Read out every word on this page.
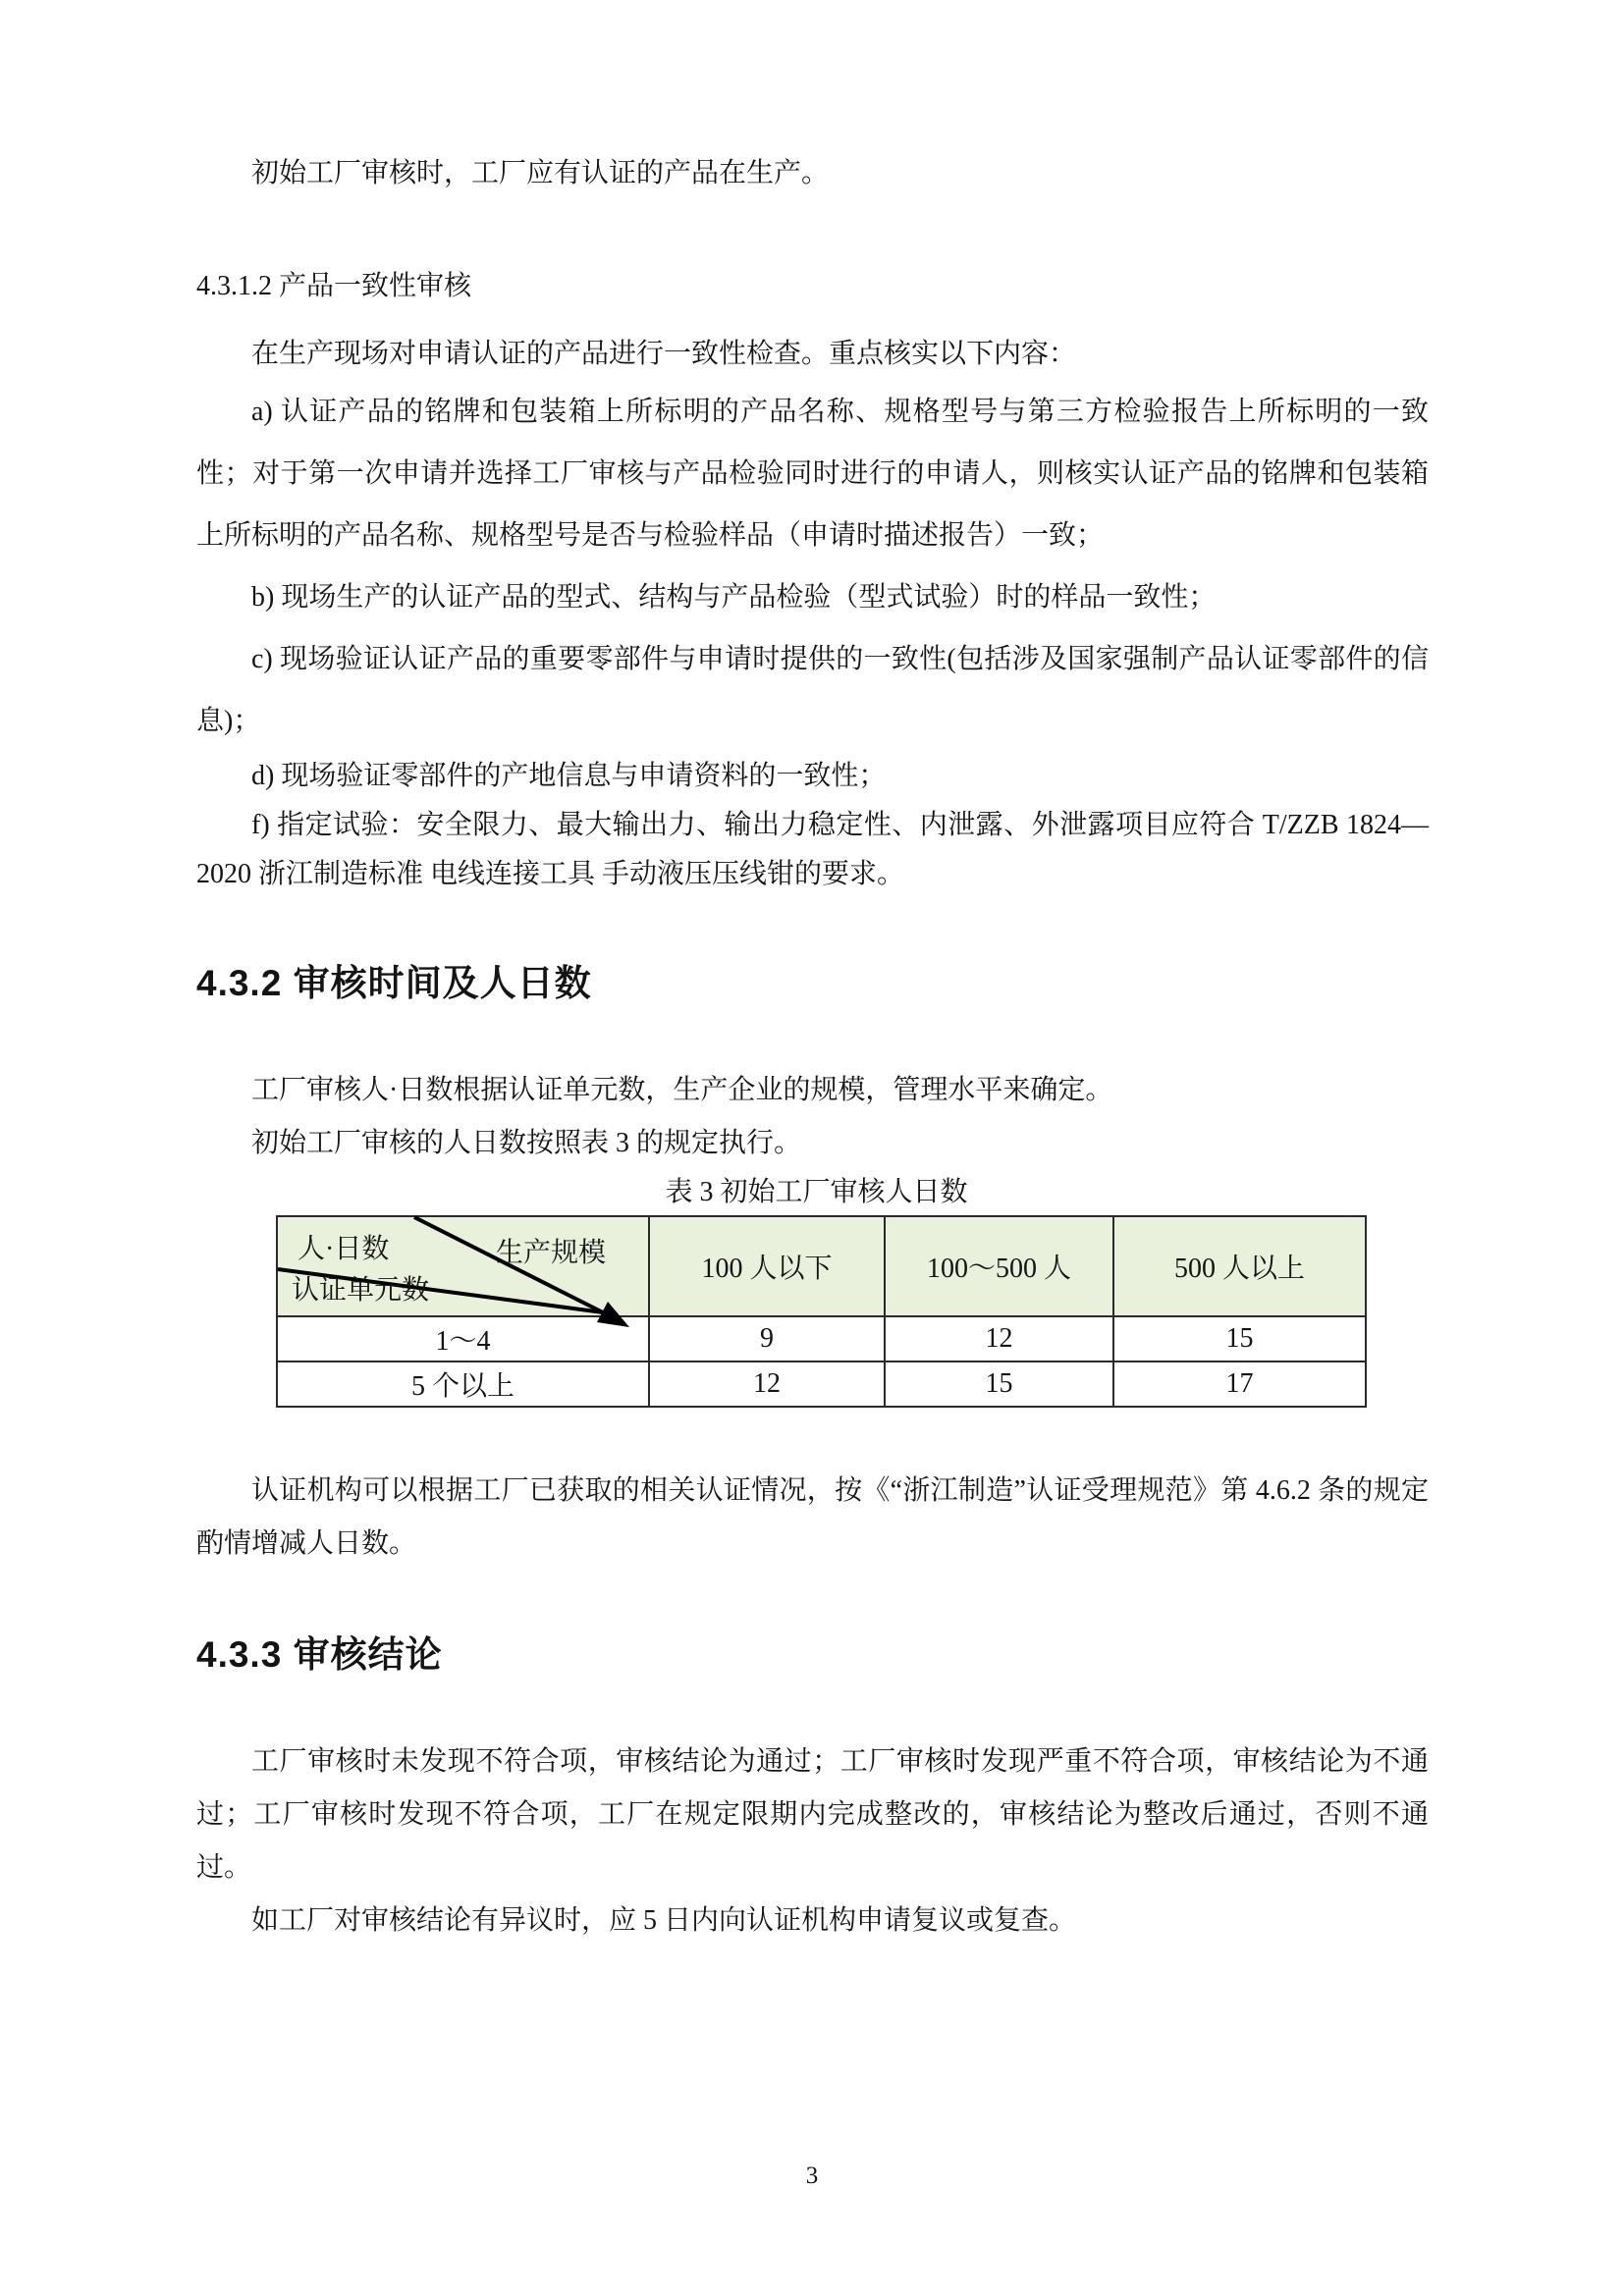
初始工厂审核时，工厂应有认证的产品在生产。

4.3.1.2 产品一致性审核

在生产现场对申请认证的产品进行一致性检查。重点核实以下内容：

a) 认证产品的铭牌和包装箱上所标明的产品名称、规格型号与第三方检验报告上所标明的一致性；对于第一次申请并选择工厂审核与产品检验同时进行的申请人，则核实认证产品的铭牌和包装箱上所标明的产品名称、规格型号是否与检验样品（申请时描述报告）一致；

b) 现场生产的认证产品的型式、结构与产品检验（型式试验）时的样品一致性；

c) 现场验证认证产品的重要零部件与申请时提供的一致性(包括涉及国家强制产品认证零部件的信息)；

d) 现场验证零部件的产地信息与申请资料的一致性；

f) 指定试验：安全限力、最大输出力、输出力稳定性、内泄露、外泄露项目应符合 T/ZZB 1824—2020 浙江制造标准 电线连接工具 手动液压压线钳的要求。

4.3.2 审核时间及人日数

工厂审核人·日数根据认证单元数，生产企业的规模，管理水平来确定。

初始工厂审核的人日数按照表 3 的规定执行。

表 3 初始工厂审核人日数
人·日数 生产规模
认证单元数	100 人以下	100～500 人	500 人以上
1～4	9	12	15
5 个以上	12	15	17

认证机构可以根据工厂已获取的相关认证情况，按《“浙江制造”认证受理规范》第 4.6.2 条的规定酌情增减人日数。

4.3.3 审核结论

工厂审核时未发现不符合项，审核结论为通过；工厂审核时发现严重不符合项，审核结论为不通过；工厂审核时发现不符合项，工厂在规定限期内完成整改的，审核结论为整改后通过，否则不通过。

如工厂对审核结论有异议时，应 5 日内向认证机构申请复议或复查。

3
